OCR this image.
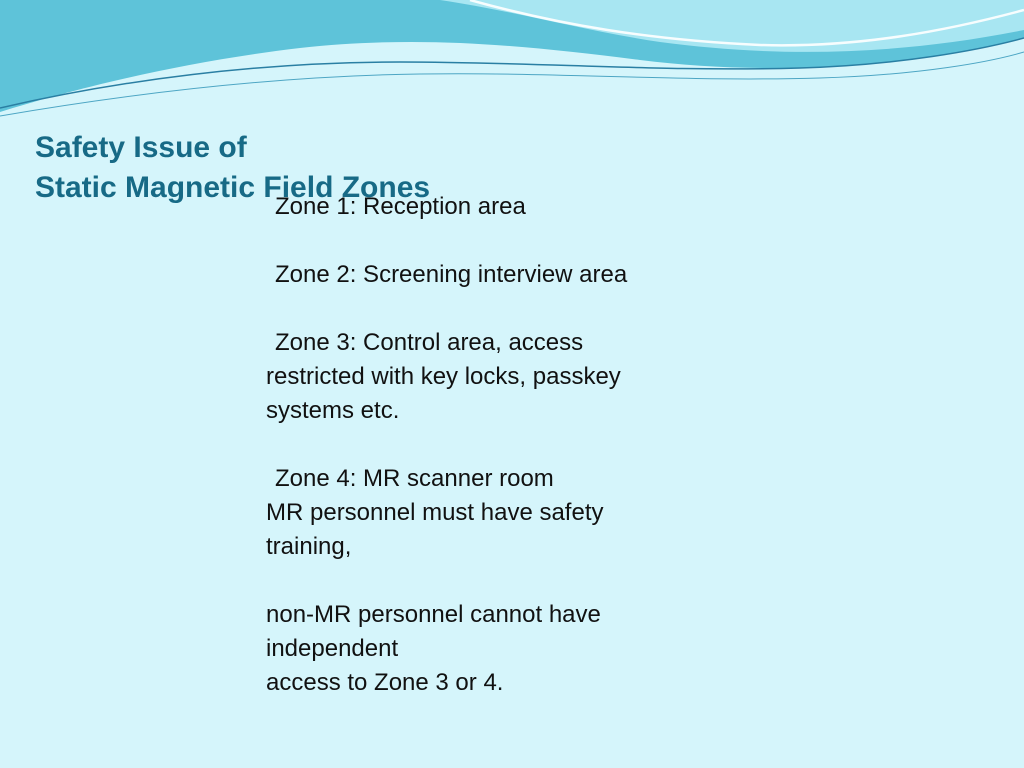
Safety Issue of
Static Magnetic Field Zones

Zone 1: Reception area

Zone 2: Screening interview area

Zone 3: Control area, access

restricted with key locks, passkey

systems etc.

Zone 4: MR scanner room

MR personnel must have safety

training,

non-MR personnel cannot have

independent

access to Zone 3 or 4.
